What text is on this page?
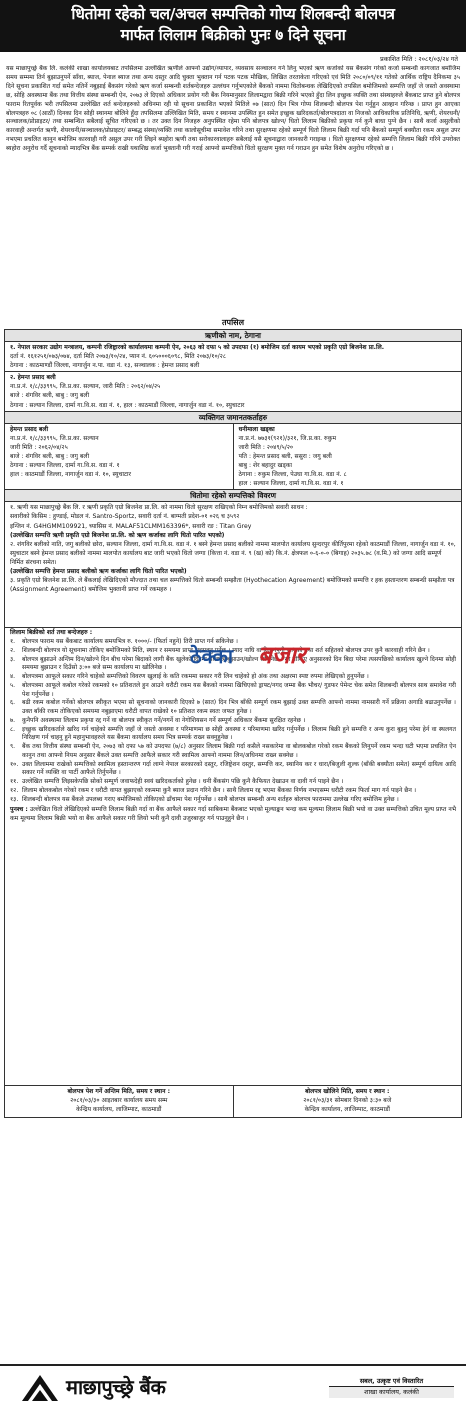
धितोमा रहेको चल/अचल सम्पत्तिको गोप्य शिलबन्दी बोलपत्र
मार्फत लिलाम बिक्रीको पुनः ७ दिने सूचना
प्रकाशित मिति : २०८१/०३/२४ गते
यस माछापुच्छ्रे बैंक लि. कलंकी शाखा कार्यालयबाट तपसिलमा उल्लेखित ऋणीले आफ्नो उद्योग/व्यापार, व्यवसाय सञ्चालन गर्न लिनु भएको ऋण कर्जाको यस बैंकसंग गरेको कर्जा सम्बन्धी कागजात बमोजिम समय सम्ममा तिर्न बुझाउनुपर्ने साँवा, ब्याज, पेनाल ब्याज तथा अन्य दस्तुर आदि चुक्ता भुक्तान गर्न पटक पटक मौखिक, लिखित तरताकेता गरिएको एवं मिति २०८०/०९/११ गतेको आर्थिक राष्ट्रिय दैनिकमा ३५ दिने सूचना प्रकाशित गर्दा समेत नतिर्ने नबुझाई बैंकसंग गरेको ऋण कर्जा सम्बन्धी शर्तबन्देजहरु उल्लंघन गर्नुभएकोले बैंकको नाममा धितोबन्धक लेखिदिएको तपसिल बमोजिमको सम्पत्ति जहाँ जे जस्तो अवस्थामा छ, सोहि अवस्थामा बैंक तथा वित्तीय संस्था सम्बन्धी ऐन, २०७३ ले दिएको अधिकार प्रयोग गरी बैंक नियमानुसार लिलामद्वारा बिक्री गरिने भएको हुँदा लिन इच्छुक व्यक्ति तथा संस्थाहरुले बैंकबाट प्राप्त हुने बोलपत्र फाराम रितपूर्वक भरी तपसिलमा उल्लेखित शर्त बन्देजहरुको अधिनमा रही यो सूचना प्रकाशित भएको मितिले ०७ (सात) दिन भित्र गोप्य शिलबन्दी बोलपत्र पेश गर्नुहुन आव्हान गरिन्छ । प्राप्त हुन आएका बोलपत्रहरु ०८ (आठौं) दिनका दिन सोही स्थानमा बोलिने हुँदा तपसिलमा उल्लिखित मिति, समय र स्थानमा उपस्थित हुन समेत इच्छुक खरिदकर्ता/बोलपत्रदाता वा निजको आधिकारिक प्रतिनिधि, ऋणी, शेयरधनी/सञ्चालक/प्रोप्राइटर/ तथा सम्बन्धित सबैलाई सूचित गरिएको छ । तर उक्त दिन निजहरु अनुपस्थित रहेमा पनि बोलपत्र खोल्न/ धितो लिलाम बिक्रीको प्रकृया गर्न कुनै बाधा पुग्ने छैन । साथै कर्जा असुलीको कारवाही अन्तर्गत ऋणी, शेयरधनी/सञ्चालक/प्रोप्राइटर/ सम्बद्ध संस्था/व्यक्ति तथा कालोसूचीमा समावेश गरिने तथा सुरक्षणमा रहेको सम्पूर्ण धितो लिलाम बिक्री गर्दा पनि बैंकको सम्पूर्ण बक्यौता रकम असुल उपर नभएमा प्रचलित कानुन बमोजिम कारवाही गरी असुल उपर गरी लिइने ब्यहोरा ऋणी तथा सरोकारवालाहरु सबैलाई यसै सूचनाद्वारा जानकारी गराइन्छ । धितो सुरक्षणमा रहेको सम्पत्ति लिलाम बिक्री गरिने उपरोक्त ब्यहोरा अनुरोध गर्दै सूचनाको म्यादभित्र बैंक सम्पर्क राखी यथाशिघ्र कर्जा भुक्तानी गरी गराई आफ्नो सम्पत्तिको धितो सुरक्षण मुक्त गर्न गराउन हुन समेत विशेष अनुरोध गरिएको छ ।
तपसिल
ऋणीको नाम, ठेगाना
१. नेपाल सरकार उद्योग मन्त्रालय, कम्पनी रजिष्ट्रारको कार्यालयमा कम्पनी ऐन, २०६३ को दफा ५ को उपदफा (१) बमोजिम दर्ता कायम भएको प्रकृति एग्रो बिजनेश प्रा.लि.
दर्ता नं. १६१२५१/०७३/०७४, दर्ता मिति २०७३/१०/२४, प्यान नं. ६०५०००६०९८, मिति २०७३/१०/२८
ठेगाना : काठमाण्डौं जिल्ला, नागार्जुन न.पा. वडा नं. १३, सञ्चालक : हेमन्त प्रसाद बली
२. हेमन्त प्रसाद बली
ना.प्र.नं. १/८/३३९९५, जि.प्र.का. सल्यान, जारी मिति : २०६२/०४/२५
बाजे : शंगविर बली, बाबु : जगु बली
ठेगाना : सल्यान जिल्ला, दार्मा गा.वि.स. वडा नं. १, हाल : काठमाडौं जिल्ला, नागार्जुन वडा नं. १०, स्युचाटार
व्यक्तिगत जमानतकर्ताहरु
हेमन्त प्रसाद बली
ना.प्र.नं. १/८/३३९९५, जि.प्र.का. सल्यान
जारी मिति : २०६२/०४/२५
बाजे : शंगविर बली, बाबु : जगु बली
ठेगाना : सल्यान जिल्ला, दार्मा गा.वि.स. वडा नं. १
हाल : काठमाडौं जिल्ला, नागार्जुन वडा नं. १०, स्युचाटार
धनीमाला खड्का
ना.प्र.नं. ७७३१(९२१)/३२१, जि.प्र.का. रुकुम
जारी मिति : २०४९/५/२०
पति : हेमन्त प्रसाद बली, ससुरा : जगु बली
बाबु : शेर बहादुर खड्का
ठेगाना : रुकुम जिल्ला, पेउघा गा.वि.स. वडा नं. ८
हाल : सल्यान जिल्ला, दार्मा गा.वि.स. वडा नं. १
धितोमा रहेको सम्पत्तिको विवरण
१. ऋणी यस माछापुच्छ्रे बैंक लि. र ऋणी प्रकृति एग्रो बिजनेश प्रा.लि. को नाममा धितो सुरक्षण राखिएको निम्न बमोजिमको सवारी साधन :
सवारीको किसिम : हुण्डाई, मोडल नं. Santro-Sportz, सवारी दर्ता नं. बाग्मती प्रदेश-०१ ०२६ च ३५९२
इन्जिन नं. G4HGMM109921, च्यासिस नं. MALAF51CLMM163396*, सवारी रङ : Titan Grey
(उल्लेखित सम्पत्ति ऋणी प्रकृति एग्रो बिजनेश प्रा.लि. को ऋण कर्जाका लागि धितो पारित भएको)
२. शंगविर बलीको नाति, जगु बलीको छोरा, सल्यान जिल्ला, दार्मा गा.वि.स. वडा नं. १ बस्ने हेमन्त प्रसाद बलीको नाममा मालपोत कार्यालय सुन्दरपुर कीर्तिपुरमा रहेको काठमाडौं जिल्ला, नागार्जुन वडा नं. १०, स्युचाटार बस्ने हेमन्त प्रसाद बलीको नाममा मालपोत कार्यालय बाट जारी भएको धितो जग्गा (कित्ता नं. वडा नं. ९ (ख) को) कि.नं. क्षेत्रफल ०-६-०-० (बिगाह) २०३५.७८ (व.मि.) को जग्गा आदि सम्पूर्ण निर्मित संरचना समेत।
(उल्लेखित सम्पत्ति हेमन्त प्रसाद बलीको ऋण कर्जाका लागि धितो पारित भएको)
३. प्रकृति एग्रो बिजनेश प्रा.लि. ले बैंकलाई लेखिदिएको मौज्दात तथा चल सम्पत्तिको धितो सम्बन्धी सम्झौता (Hyothecation Agreement) बमोजिमको सम्पत्ति र हक हस्तान्तरण सम्बन्धी सम्झौता पत्र (Assignment Agreement) बमोजिम भुक्तानी प्राप्त गर्ने रकमहरु ।
लिलाम बिक्रीको शर्त तथा बन्देजहरु :
१.	बोलपत्र फाराम यस बैंकबाट कार्यालय समयभित्र रु. १०००/- (फिर्ता नहुने) तिरी प्राप्त गर्न सकिनेछ ।
२.	शिलबन्दी बोलपत्र यो सूचनामा तोकिए बमोजिमको मिति, स्थान र समयमा प्राप्त भइसक्नु पर्नेछ । म्याद नाघि वा रित नपुगी आएको तथा शर्त सहितको बोलपत्र उपर कुनै कारवाही गरिने छैन ।
३.	बोलपत्र बुझाउने अन्तिम दिन/खोल्ने दिन बीच परेमा बिदाको लागी बैंक खुलेको दिनमा बोलपत्र बुझाउन/खोल्न सकिनेछ । सो तोकिए अनुसारको दिन बिदा परेमा त्यसपछिको कार्यालय खुल्ने दिनमा सोही समयमा बुझाउन र दिउँसो ३:०० बजे सम्म कार्यालय मा खोलिनेछ ।
४.	बोलपत्रमा आफूले सकार गरिने चाहेको सम्पत्तिको विवरण खुलाई के कति रकममा सकार गरी लिन चाहेको हो अंक तथा अक्षरमा स्पष्ट रुपमा लेखिएको हुनुपर्नेछ ।
५.	बोलपत्रमा आफूले कबोल गरेको रकमको १० प्रतिशतले हुन आउने धरौटी रकम यस बैंकको नाममा खिचिएको ड्राफ्ट/नगद जम्मा बैंक भौचर/ गुडफर पेमेन्ट चेक समेत शिलबन्दी बोलपत्र साथ समावेश गरी पेश गर्नुपर्नेछ ।
६.	बढी रकम कबोल गर्नेको बोलपत्र स्वीकृत भएमा सो सूचनाको जानकारी दिएको ७ (सात) दिन भित्र बाँकी सम्पूर्ण रकम बुझाई उक्त सम्पत्ति आफ्नो नाममा नामसारी गर्ने प्रक्रिया अगाडि बढाउनुपर्नेछ । उक्त बाँकी रकम तोकिएको समयमा नबुझाएमा धरौटी वापत राखेको १० प्रतिशत रकम स्वतः जफत हुनेछ ।
७.	कुनैपनि अवस्थामा लिलाम प्रकृया रद्द गर्ने वा बोलपत्र स्वीकृत गर्ने/नगर्ने वा नेगोशियसन गर्ने सम्पूर्ण अधिकार बैंकमा सुरक्षित रहनेछ ।
८.	इच्छुक खरिदकर्ताले खरिद गर्न चाहेको सम्पत्ति जहाँ जे जस्तो अवस्था र परिमाणमा छ सोही अवस्था र परिमाणमा खरिद गर्नुपर्नेछ । लिलाम बिक्री हुने सम्पत्ति र अन्य कुरा बुझ्नु परेमा हेर्न वा स्थलगत निरिक्षण गर्न चाहनु हुने महानुभावहरुले यस बैंकमा कार्यालय समय भित्र सम्पर्क राख्न सक्नुहुनेछ ।
९.	बैंक तथा वित्तीय संस्था सम्बन्धी ऐन, २०७३ को दफा ५७ को उपदफा (७/८) अनुसार लिलाम बिक्री गर्दा कसैले नसकारेमा वा बोलकबोल गरेको रकम बैंकको लिनुपर्ने रकम भन्दा घटी भएमा प्रचलित ऐन कानुन तथा आफ्नो नियम अनुसार बैंकले उक्त सम्पत्ति आफैले सकार गरी स्वामित्व आफ्नो नाममा लिन/अधिनमा राख्न सक्नेछ ।
१०. उक्त लिलाममा राखेको सम्पत्तिको स्वामित्व हस्तान्तरण गर्दा लाग्ने नेपाल सरकारको दस्तुर, रजिष्ट्रेशन दस्तुर, सम्पत्ति कर, स्थानिय कर र धारा/बिजुली शुल्क (बाँकी बक्यौता समेत) सम्पूर्ण दायित्व आदि सकार गर्ने व्यक्ति वा पार्टी आफैले तिर्नुपर्नेछ ।
११. उल्लेखित सम्पत्ति लिइसकेपछि सोको सम्पूर्ण जवाफदेही स्वयं खरिदकर्ताको हुनेछ । धनी बैंकसंग पछि कुनै कैफियत देखाउन वा दावी गर्न पाइने छैन ।
१२. लिलाम बोलकबोल गरेको रकम र धरौटी वापत बुझाएको रकममा कुनै ब्याज प्रदान गरिने छैन । साथै लिलाम रद्द भएमा बैंकका निर्णय नभएसम्म धरौटी रकम फिर्ता माग गर्न पाइने छैन ।
१३. शिलबन्दी बोलपत्र यस बैंकले उपलब्ध गराए बमोजिमको तोकिएको ढाँचामा पेश गर्नुपर्नेछ । साथै बोलपत्र सम्बन्धी अन्य शर्तहरु बोलपत्र फाराममा उल्लेख गरिए बमोजिम हुनेछ ।
पुनश्च : उल्लेखित धितो लेखिदिएको सम्पत्ति लिलाम बिक्री गर्दा वा बैंक आफैले सकार गर्दा साबिकमा बैंकबाट भएको मूल्याङ्कन भन्दा कम मूल्यमा लिलाम बिक्री भयो वा उक्त सम्पत्तिको उचित मूल्य प्राप्त नभै कम मूल्यमा लिलाम बिक्री भयो वा बैंक आफैले सकार गरी लियो भनी कुनै दावी उजुरबाजुर गर्न पाउनुहुने छैन ।
बोलपत्र पेश गर्ने अन्तिम मिति, समय र स्थान :
२०८१/०३/३० आइतबार कार्यालय समय सम्म
केन्द्रिय कार्यालय, लाजिम्पाट, काठमाडौं
बोलपत्र खोलिने मिति, समय र स्थान :
२०८१/०३/३१ सोमबार दिनको ३:३० बजे
केन्द्रिय कार्यालय, लाजिम्पाट, काठमाडौं
ठेक्का बजार
माछापुच्छ्रे बैंक	सबल, उत्कृष्ट एवं विस्तारित
शाखा कार्यालय, कलंकी
